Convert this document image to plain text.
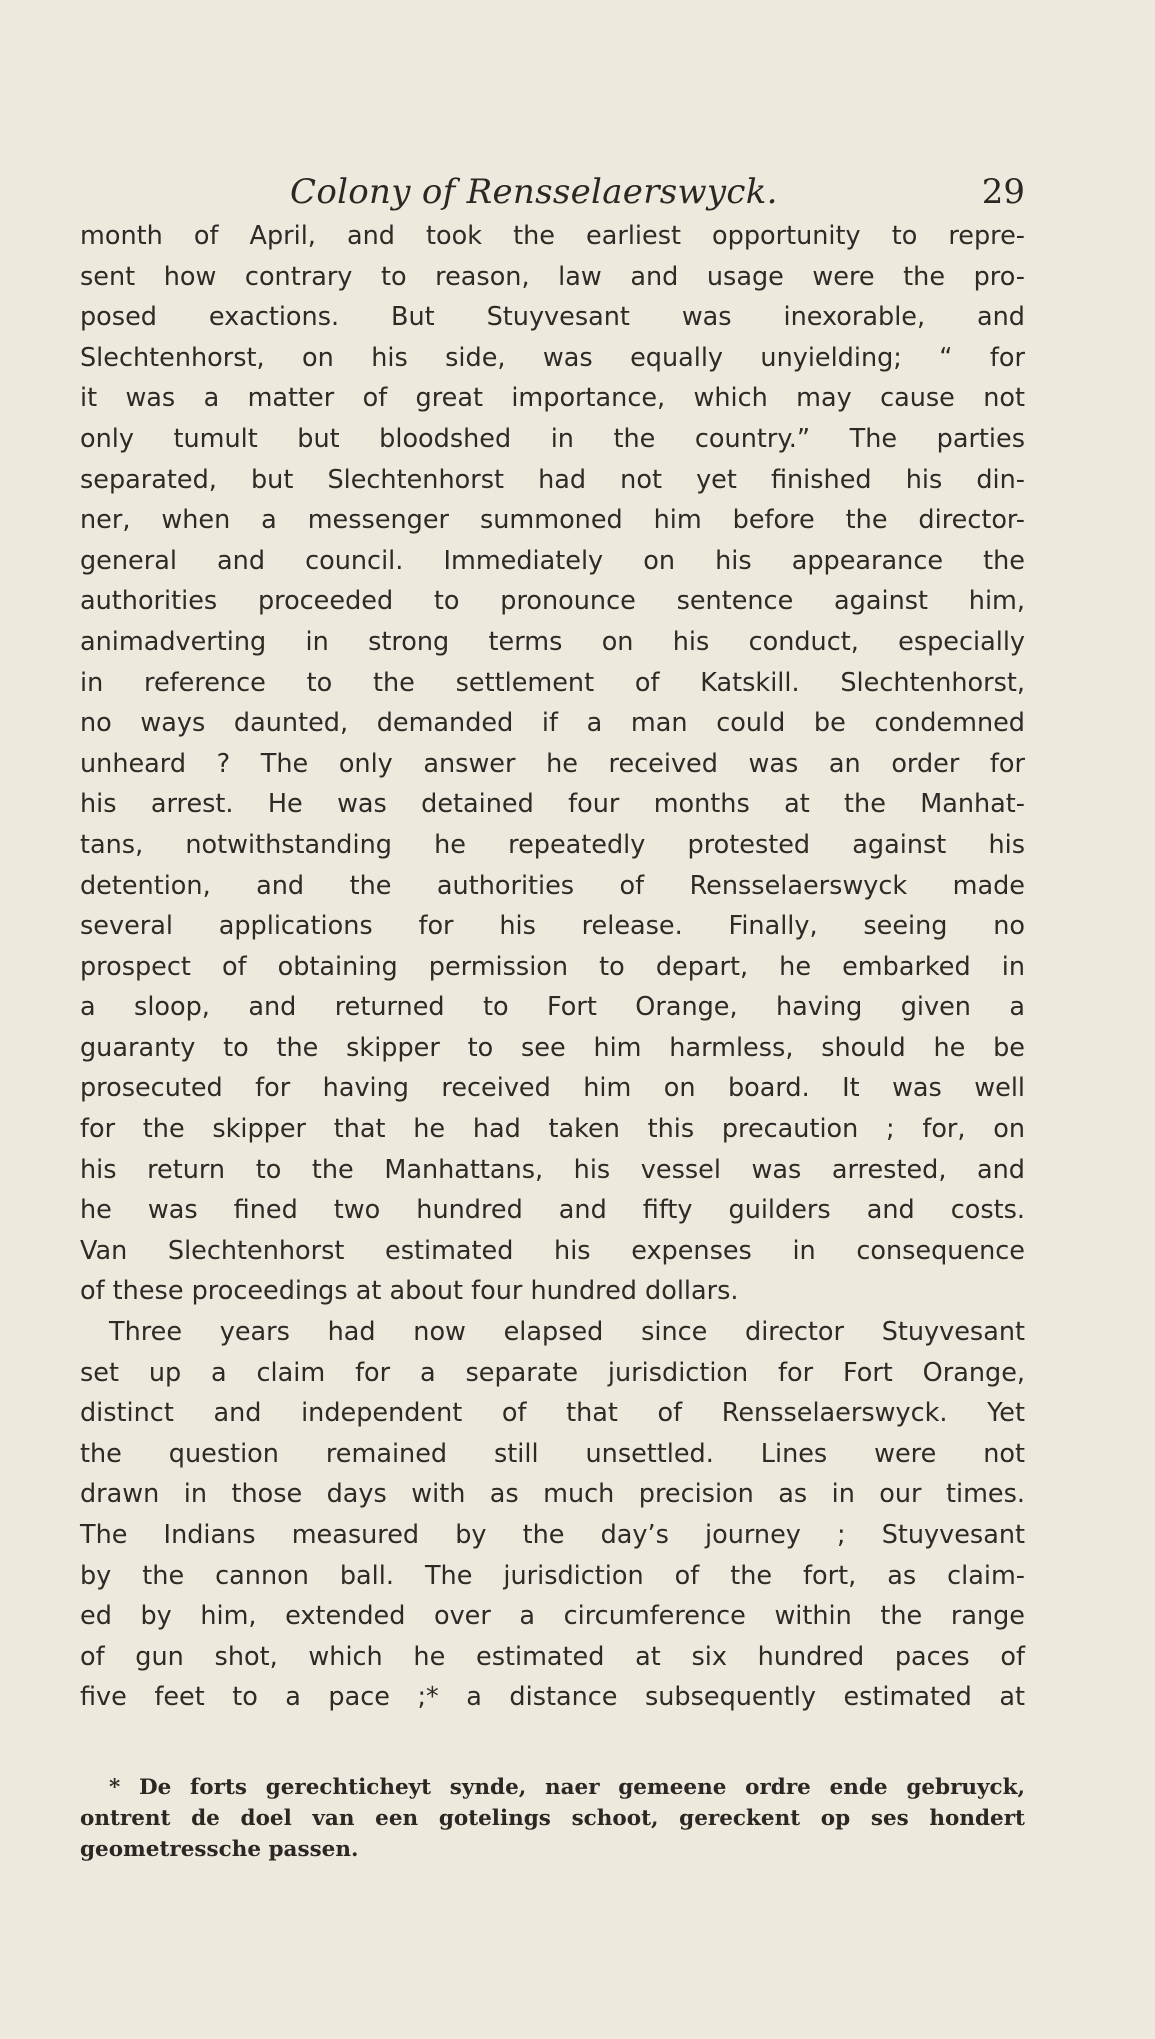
Colony of Rensselaerswyck.	29
month of April, and took the earliest opportunity to repre-
sent how contrary to reason, law and usage were the pro-
posed exactions. But Stuyvesant was inexorable, and
Slechtenhorst, on his side, was equally unyielding; “ for
it was a matter of great importance, which may cause not
only tumult but bloodshed in the country.” The parties
separated, but Slechtenhorst had not yet finished his din-
ner, when a messenger summoned him before the director-
general and council. Immediately on his appearance the
authorities proceeded to pronounce sentence against him,
animadverting in strong terms on his conduct, especially
in reference to the settlement of Katskill. Slechtenhorst,
no ways daunted, demanded if a man could be condemned
unheard ? The only answer he received was an order for
his arrest. He was detained four months at the Manhat-
tans, notwithstanding he repeatedly protested against his
detention, and the authorities of Rensselaerswyck made
several applications for his release. Finally, seeing no
prospect of obtaining permission to depart, he embarked in
a sloop, and returned to Fort Orange, having given a
guaranty to the skipper to see him harmless, should he be
prosecuted for having received him on board. It was well
for the skipper that he had taken this precaution ; for, on
his return to the Manhattans, his vessel was arrested, and
he was fined two hundred and fifty guilders and costs.
Van Slechtenhorst estimated his expenses in consequence
of these proceedings at about four hundred dollars.
Three years had now elapsed since director Stuyvesant
set up a claim for a separate jurisdiction for Fort Orange,
distinct and independent of that of Rensselaerswyck. Yet
the question remained still unsettled. Lines were not
drawn in those days with as much precision as in our times.
The Indians measured by the day’s journey ; Stuyvesant
by the cannon ball. The jurisdiction of the fort, as claim-
ed by him, extended over a circumference within the range
of gun shot, which he estimated at six hundred paces of
five feet to a pace ;* a distance subsequently estimated at
* De forts gerechticheyt synde, naer gemeene ordre ende gebruyck,
ontrent de doel van een gotelings schoot, gereckent op ses hondert
geometressche passen.
